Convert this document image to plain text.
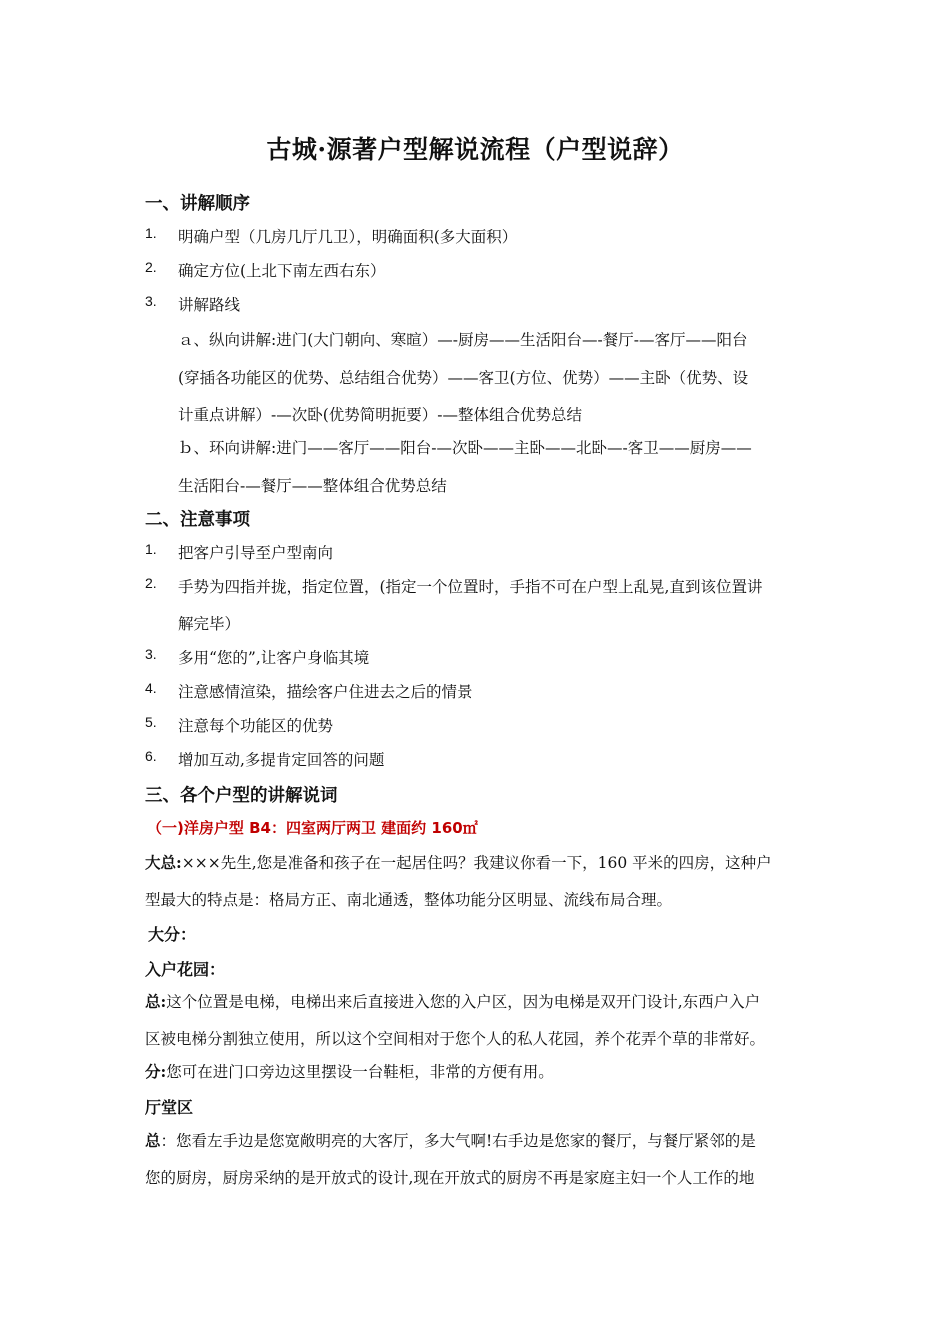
古城·源著户型解说流程（户型说辞）
一、讲解顺序
1. 明确户型（几房几厅几卫），明确面积(多大面积）
2. 确定方位(上北下南左西右东）
3. 讲解路线
ａ、纵向讲解:进门(大门朝向、寒暄）—-厨房——生活阳台—-餐厅-—客厅——阳台
(穿插各功能区的优势、总结组合优势）——客卫(方位、优势）——主卧（优势、设
计重点讲解）-—次卧(优势简明扼要）-—整体组合优势总结
ｂ、环向讲解:进门——客厅——阳台-—次卧——主卧——北卧—-客卫——厨房——
生活阳台-—餐厅——整体组合优势总结
二、注意事项
1. 把客户引导至户型南向
2. 手势为四指并拢，指定位置，(指定一个位置时，手指不可在户型上乱晃,直到该位置讲
解完毕）
3. 多用“您的”,让客户身临其境
4. 注意感情渲染，描绘客户住进去之后的情景
5. 注意每个功能区的优势
6. 增加互动,多提肯定回答的问题
三、各个户型的讲解说词
（一)洋房户型 B4：四室两厅两卫 建面约 160㎡
大总:×××先生,您是准备和孩子在一起居住吗？我建议你看一下，160 平米的四房，这种户
型最大的特点是：格局方正、南北通透，整体功能分区明显、流线布局合理。
大分：
入户花园：
总:这个位置是电梯，电梯出来后直接进入您的入户区，因为电梯是双开门设计,东西户入户
区被电梯分割独立使用，所以这个空间相对于您个人的私人花园，养个花弄个草的非常好。
分:您可在进门口旁边这里摆设一台鞋柜，非常的方便有用。
厅堂区
总：您看左手边是您宽敞明亮的大客厅，多大气啊!右手边是您家的餐厅，与餐厅紧邻的是
您的厨房，厨房采纳的是开放式的设计,现在开放式的厨房不再是家庭主妇一个人工作的地
